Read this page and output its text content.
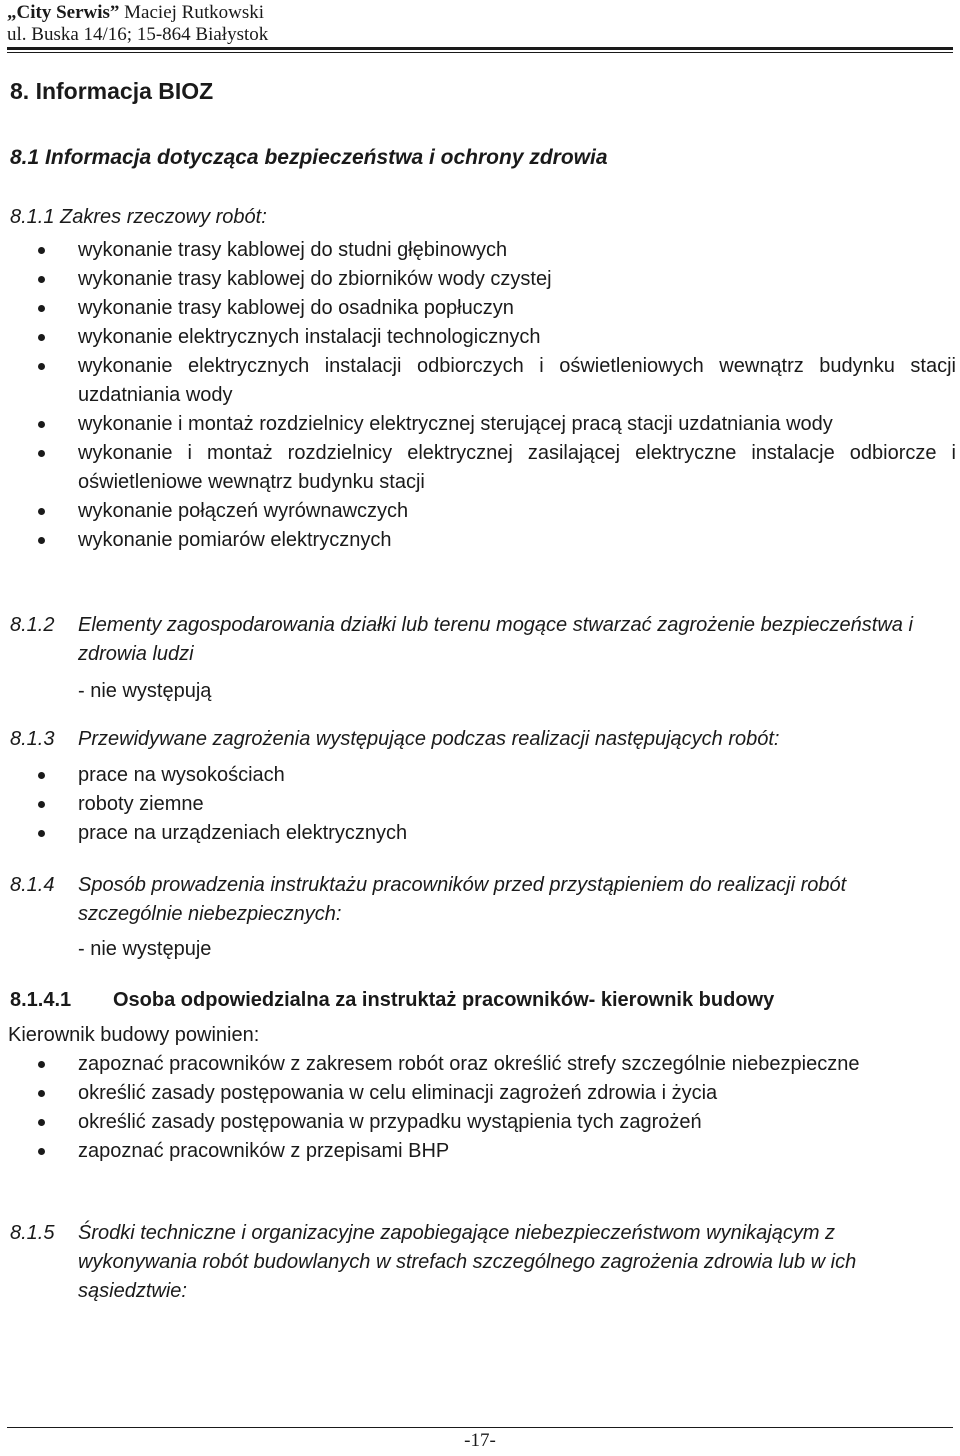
„City Serwis” Maciej Rutkowski
ul. Buska 14/16; 15-864 Białystok
8. Informacja BIOZ
8.1 Informacja dotycząca bezpieczeństwa i ochrony zdrowia
8.1.1 Zakres rzeczowy robót:
wykonanie trasy kablowej do studni głębinowych
wykonanie trasy kablowej do zbiorników wody czystej
wykonanie trasy kablowej do osadnika popłuczyn
wykonanie elektrycznych instalacji technologicznych
wykonanie elektrycznych instalacji odbiorczych i oświetleniowych wewnątrz budynku stacji uzdatniania wody
wykonanie i montaż rozdzielnicy elektrycznej sterującej pracą stacji uzdatniania wody
wykonanie i montaż rozdzielnicy elektrycznej zasilającej elektryczne instalacje odbiorcze i oświetleniowe wewnątrz budynku stacji
wykonanie połączeń wyrównawczych
wykonanie pomiarów elektrycznych
8.1.2 Elementy zagospodarowania działki lub terenu mogące stwarzać zagrożenie bezpieczeństwa i zdrowia ludzi
- nie występują
8.1.3 Przewidywane zagrożenia występujące podczas realizacji następujących robót:
prace na wysokościach
roboty ziemne
prace na urządzeniach elektrycznych
8.1.4 Sposób prowadzenia instruktażu pracowników przed przystąpieniem do realizacji robót szczególnie niebezpiecznych:
- nie występuje
8.1.4.1 Osoba odpowiedzialna za instruktaż pracowników- kierownik budowy
Kierownik budowy powinien:
zapoznać pracowników z zakresem robót oraz określić strefy szczególnie niebezpieczne
określić zasady postępowania w celu eliminacji zagrożeń zdrowia i życia
określić zasady postępowania w przypadku wystąpienia tych zagrożeń
zapoznać pracowników z przepisami BHP
8.1.5 Środki techniczne i organizacyjne zapobiegające niebezpieczeństwom wynikającym z wykonywania robót budowlanych w strefach szczególnego zagrożenia zdrowia lub w ich sąsiedztwie:
-17-
